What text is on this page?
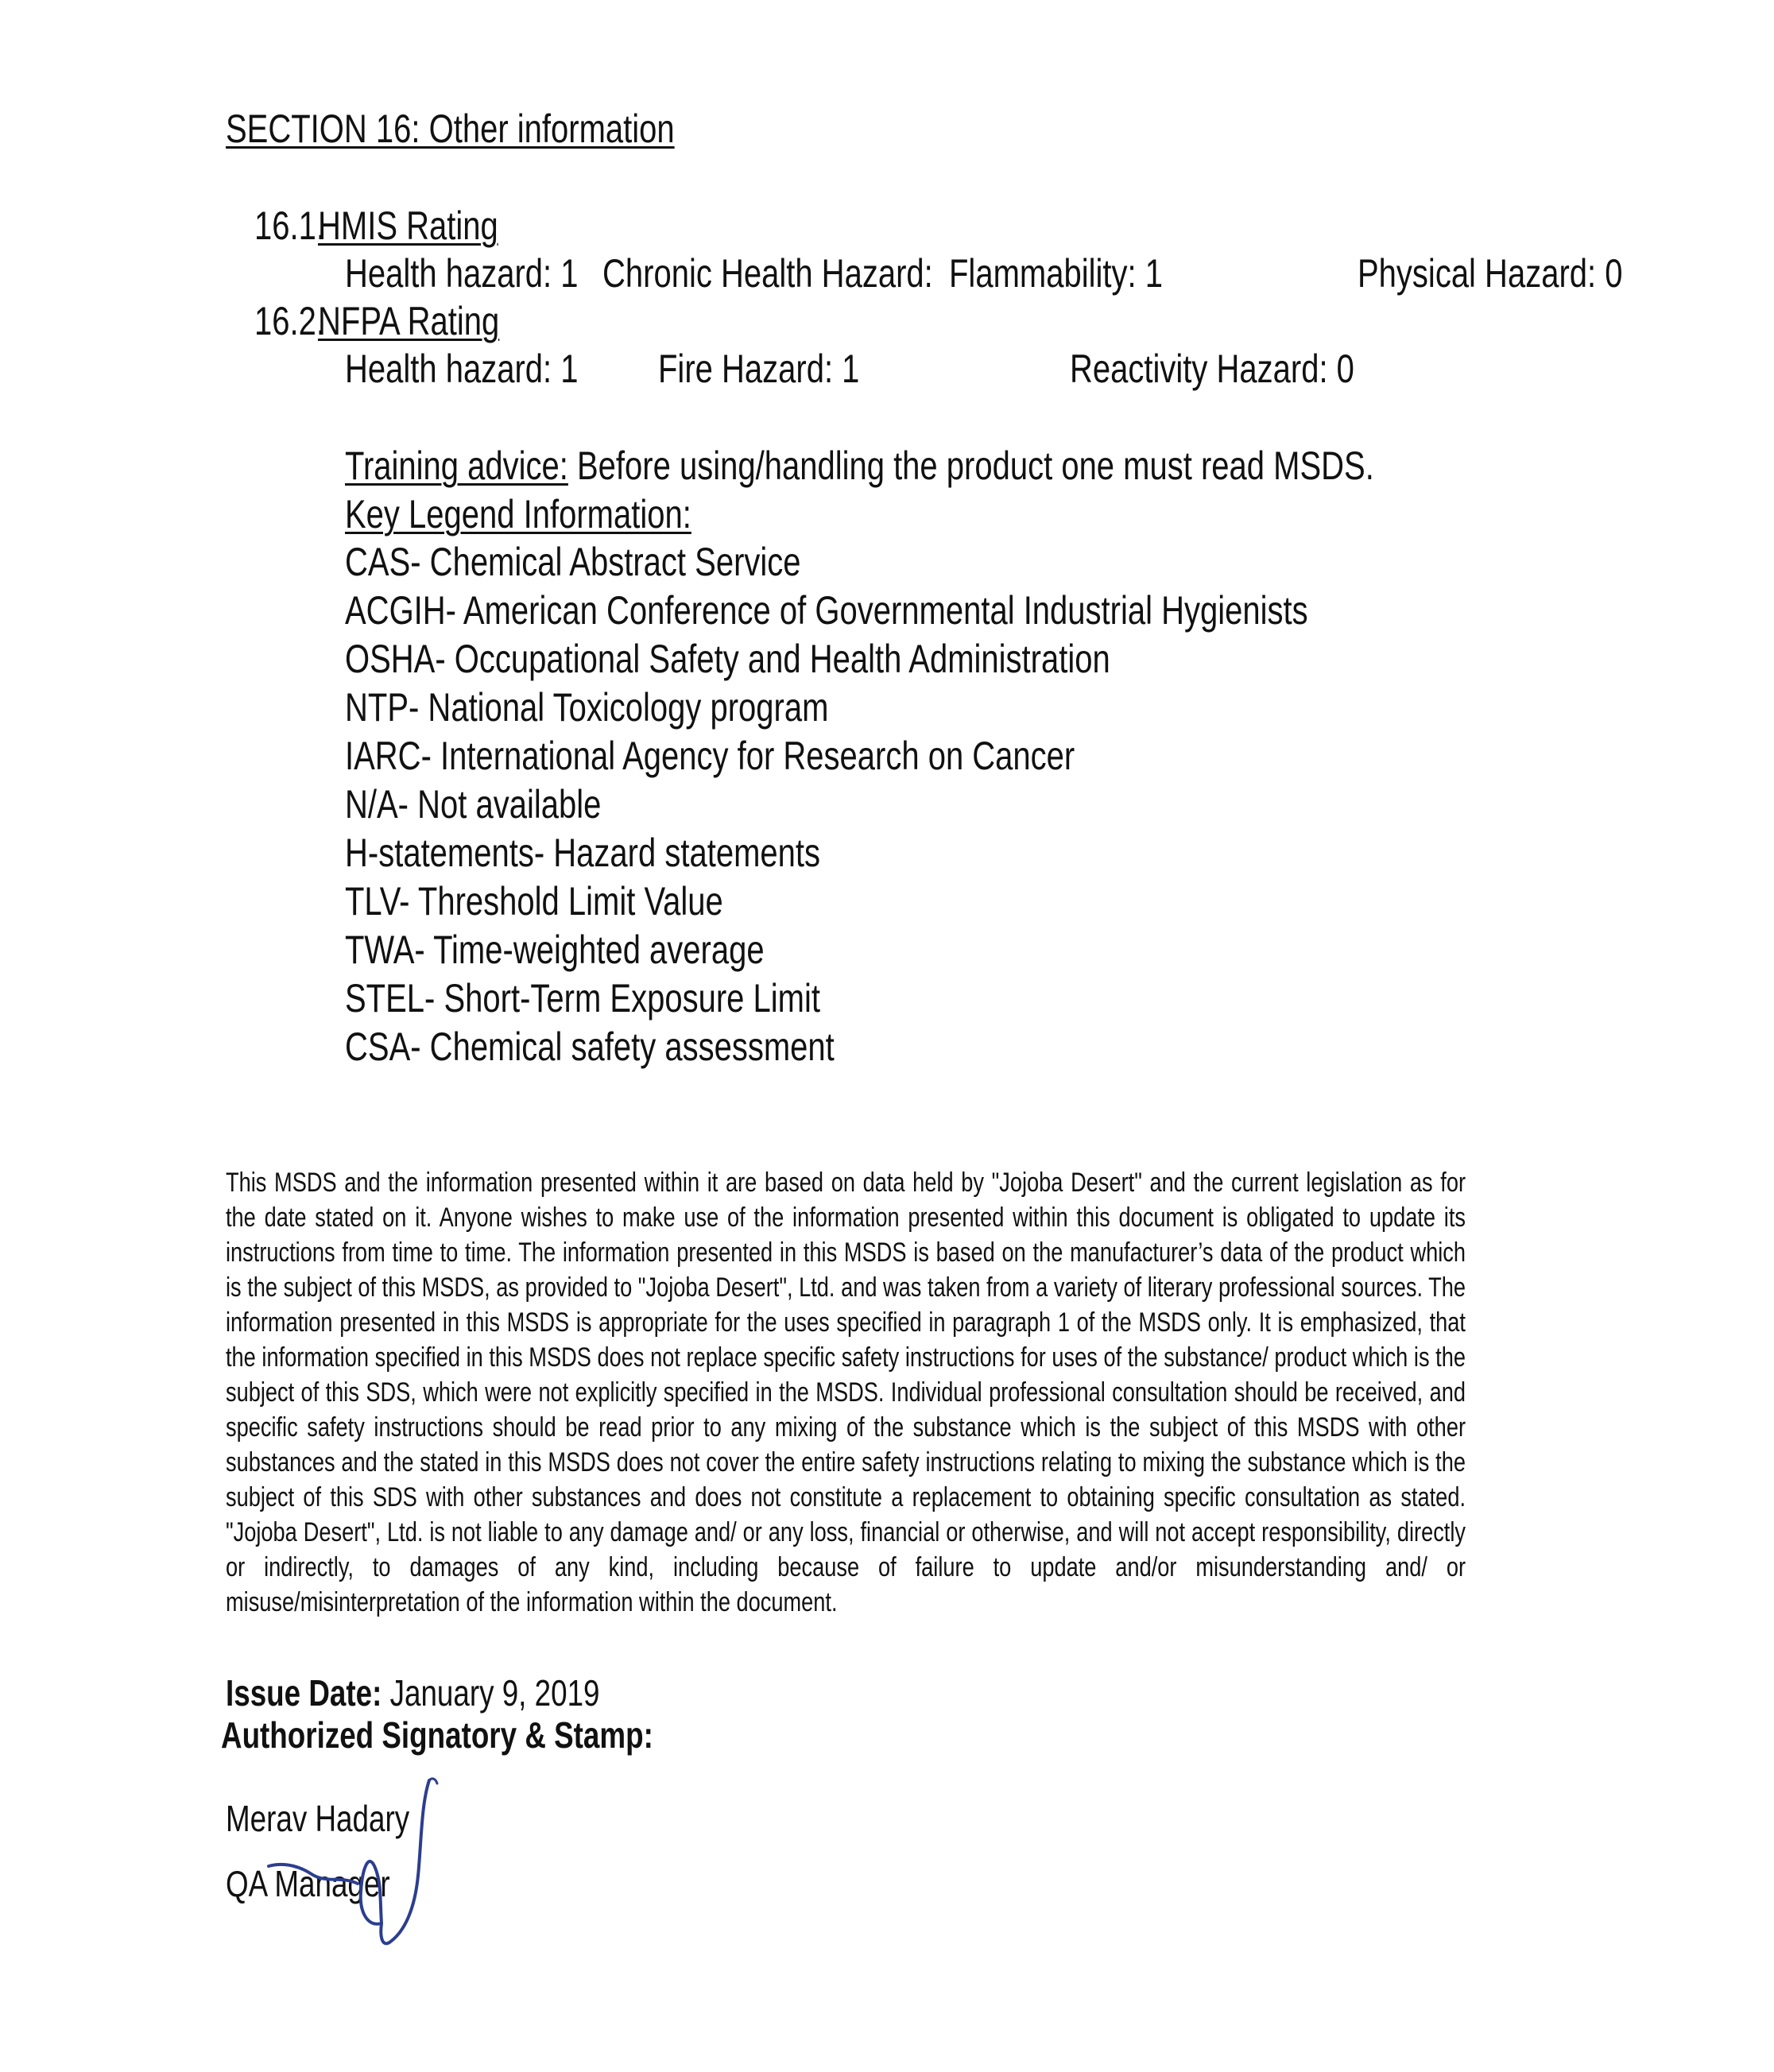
SECTION 16: Other information
16.1.HMIS Rating
Health hazard: 1 Chronic Health Hazard: Flammability: 1	Physical Hazard: 0
16.2.NFPA Rating
Health hazard: 1 Fire Hazard: 1	Reactivity Hazard: 0
Training advice: Before using/handling the product one must read MSDS.
Key Legend Information:
CAS- Chemical Abstract Service
ACGIH- American Conference of Governmental Industrial Hygienists
OSHA- Occupational Safety and Health Administration
NTP- National Toxicology program
IARC- International Agency for Research on Cancer
N/A- Not available
H-statements- Hazard statements
TLV- Threshold Limit Value
TWA- Time-weighted average
STEL- Short-Term Exposure Limit
CSA- Chemical safety assessment
This MSDS and the information presented within it are based on data held by "Jojoba Desert" and the current legislation as for the date stated on it. Anyone wishes to make use of the information presented within this document is obligated to update its instructions from time to time. The information presented in this MSDS is based on the manufacturer’s data of the product which is the subject of this MSDS, as provided to "Jojoba Desert", Ltd. and was taken from a variety of literary professional sources. The information presented in this MSDS is appropriate for the uses specified in paragraph 1 of the MSDS only. It is emphasized, that the information specified in this MSDS does not replace specific safety instructions for uses of the substance/ product which is the subject of this SDS, which were not explicitly specified in the MSDS. Individual professional consultation should be received, and specific safety instructions should be read prior to any mixing of the substance which is the subject of this MSDS with other substances and the stated in this MSDS does not cover the entire safety instructions relating to mixing the substance which is the subject of this SDS with other substances and does not constitute a replacement to obtaining specific consultation as stated. "Jojoba Desert", Ltd. is not liable to any damage and/ or any loss, financial or otherwise, and will not accept responsibility, directly or indirectly, to damages of any kind, including because of failure to update and/or misunderstanding and/ or misuse/misinterpretation of the information within the document.
Issue Date: January 9, 2019
Authorized Signatory & Stamp:
Merav Hadary
QA Manager
